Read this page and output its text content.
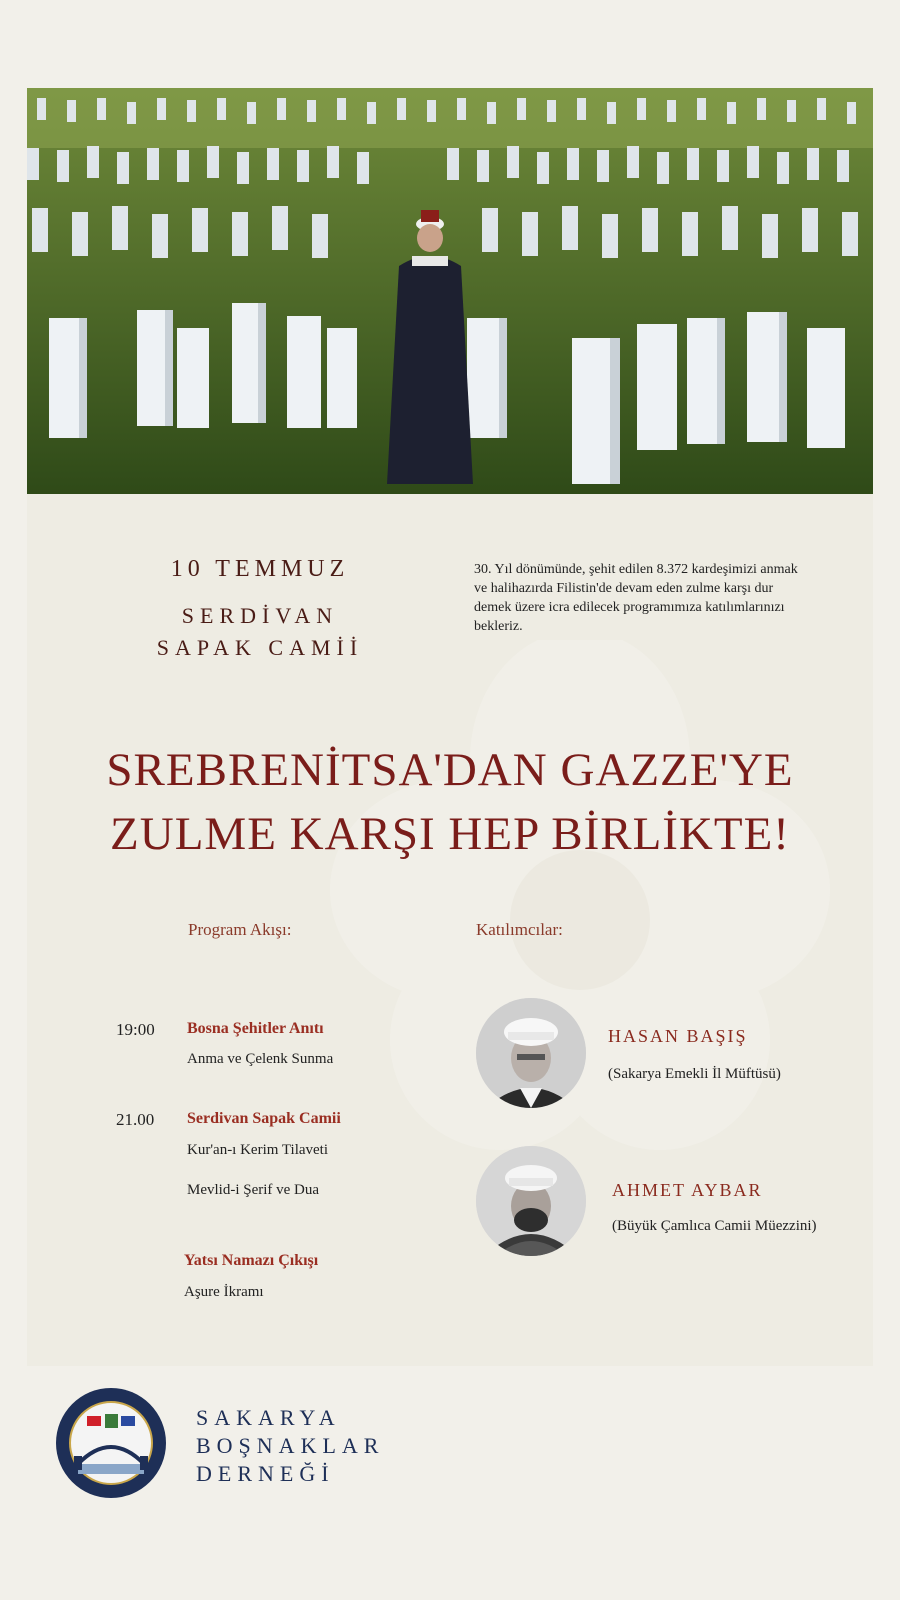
10 TEMMUZ
SERDİVAN
SAPAK CAMİİ
30. Yıl dönümünde, şehit edilen 8.372 kardeşimizi anmak ve halihazırda Filistin'de devam eden zulme karşı dur demek üzere icra edilecek programımıza katılımlarınızı bekleriz.
SREBRENİTSA'DAN GAZZE'YE
ZULME KARŞI HEP BİRLİKTE!
Program Akışı:
19:00 Bosna Şehitler Anıtı
Anma ve Çelenk Sunma
21.00 Serdivan Sapak Camii
Kur'an-ı Kerim Tilaveti
Mevlid-i Şerif ve Dua
Yatsı Namazı Çıkışı
Aşure İkramı
Katılımcılar:
HASAN BAŞIŞ
(Sakarya Emekli İl Müftüsü)
AHMET AYBAR
(Büyük Çamlıca Camii Müezzini)
SAKARYA
BOŞNAKLAR
DERNEĞİ
